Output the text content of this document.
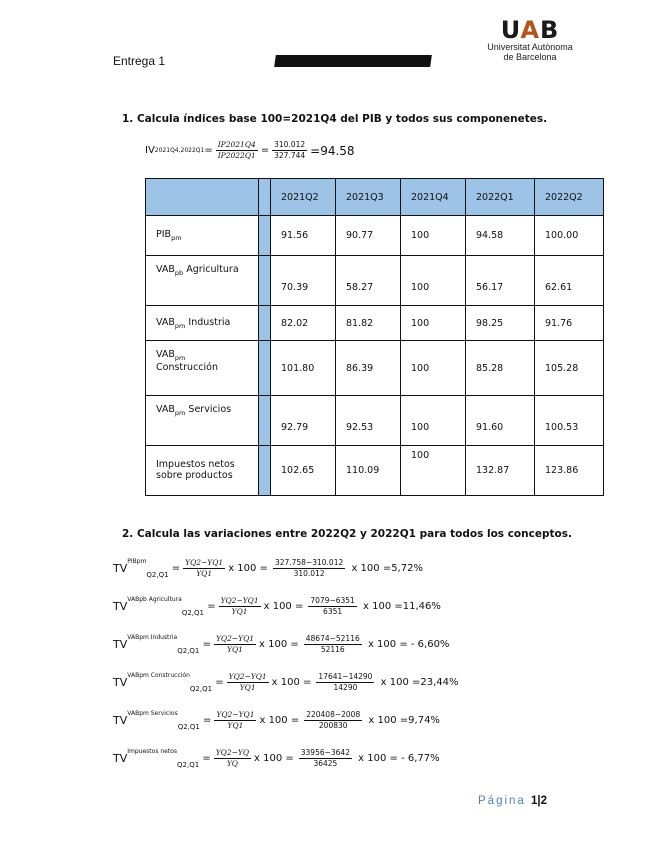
Entrega 1
UAB
Universitat Autònoma
de Barcelona
1. Calcula índices base 100=2021Q4 del PIB y todos sus componenetes.
IV $2021Q4,2022Q1 = \frac{IP2021Q4}{IP2022Q1} = \frac{310.012}{327.744} =94.58$
		2021Q2	2021Q3	2021Q4	2022Q1	2022Q2
$PIB_{pm}$		91.56	90.77	100	94.58	100.00
$VAB_{pb}$ Agricultura		70.39	58.27	100	56.17	62.61
$VAB_{pm}$ Industria		82.02	81.82	100	98.25	91.76
$VAB_{pm}$
Construcción		101.80	86.39	100	85.28	105.28
$VAB_{pm}$ Servicios		92.79	92.53	100	91.60	100.53
Impuestos netos sobre productos		102.65	110.09	100	132.87	123.86
2. Calcula las variaciones entre 2022Q2 y 2022Q1 para todos los conceptos.
TV
$^{PIBpm}$
Q2,Q1

= $\frac{YQ2-YQ1}{YQ1}$ x $100 = \frac{327.758-310.012}{310.012}$
x 100 =5,72%
TV
$^{VABpb Agricultura}$
Q2,Q1

= $\frac{YQ2-YQ1}{YQ1}$ x $100 = \frac{7079-6351}{6351}$
x 100 =11,46%
TV
$^{VABpm Industria}$
Q2,Q1

= $\frac{YQ2-YQ1}{YQ1}$ x $100 = \frac{48674-52116}{52116}$
x 100 = - 6,60%
TV
$^{VABpm Construcción}$
Q2,Q1

= $\frac{YQ2-YQ1}{YQ1}$ x $100 = \frac{17641-14290}{14290}$
x 100 =23,44%
TV
$^{VABpm Servicios}$
Q2,Q1

= $\frac{YQ2-YQ1}{YQ1}$ x $100 = \frac{220408-2008}{200830}$
x 100 =9,74%
TV
$^{Impuestos netos}$
Q2,Q1

= $\frac{YQ2-YQ}{YQ}$ x $100 = \frac{33956-3642}{36425}$
x 100 = - 6,77%
Página 1|2
